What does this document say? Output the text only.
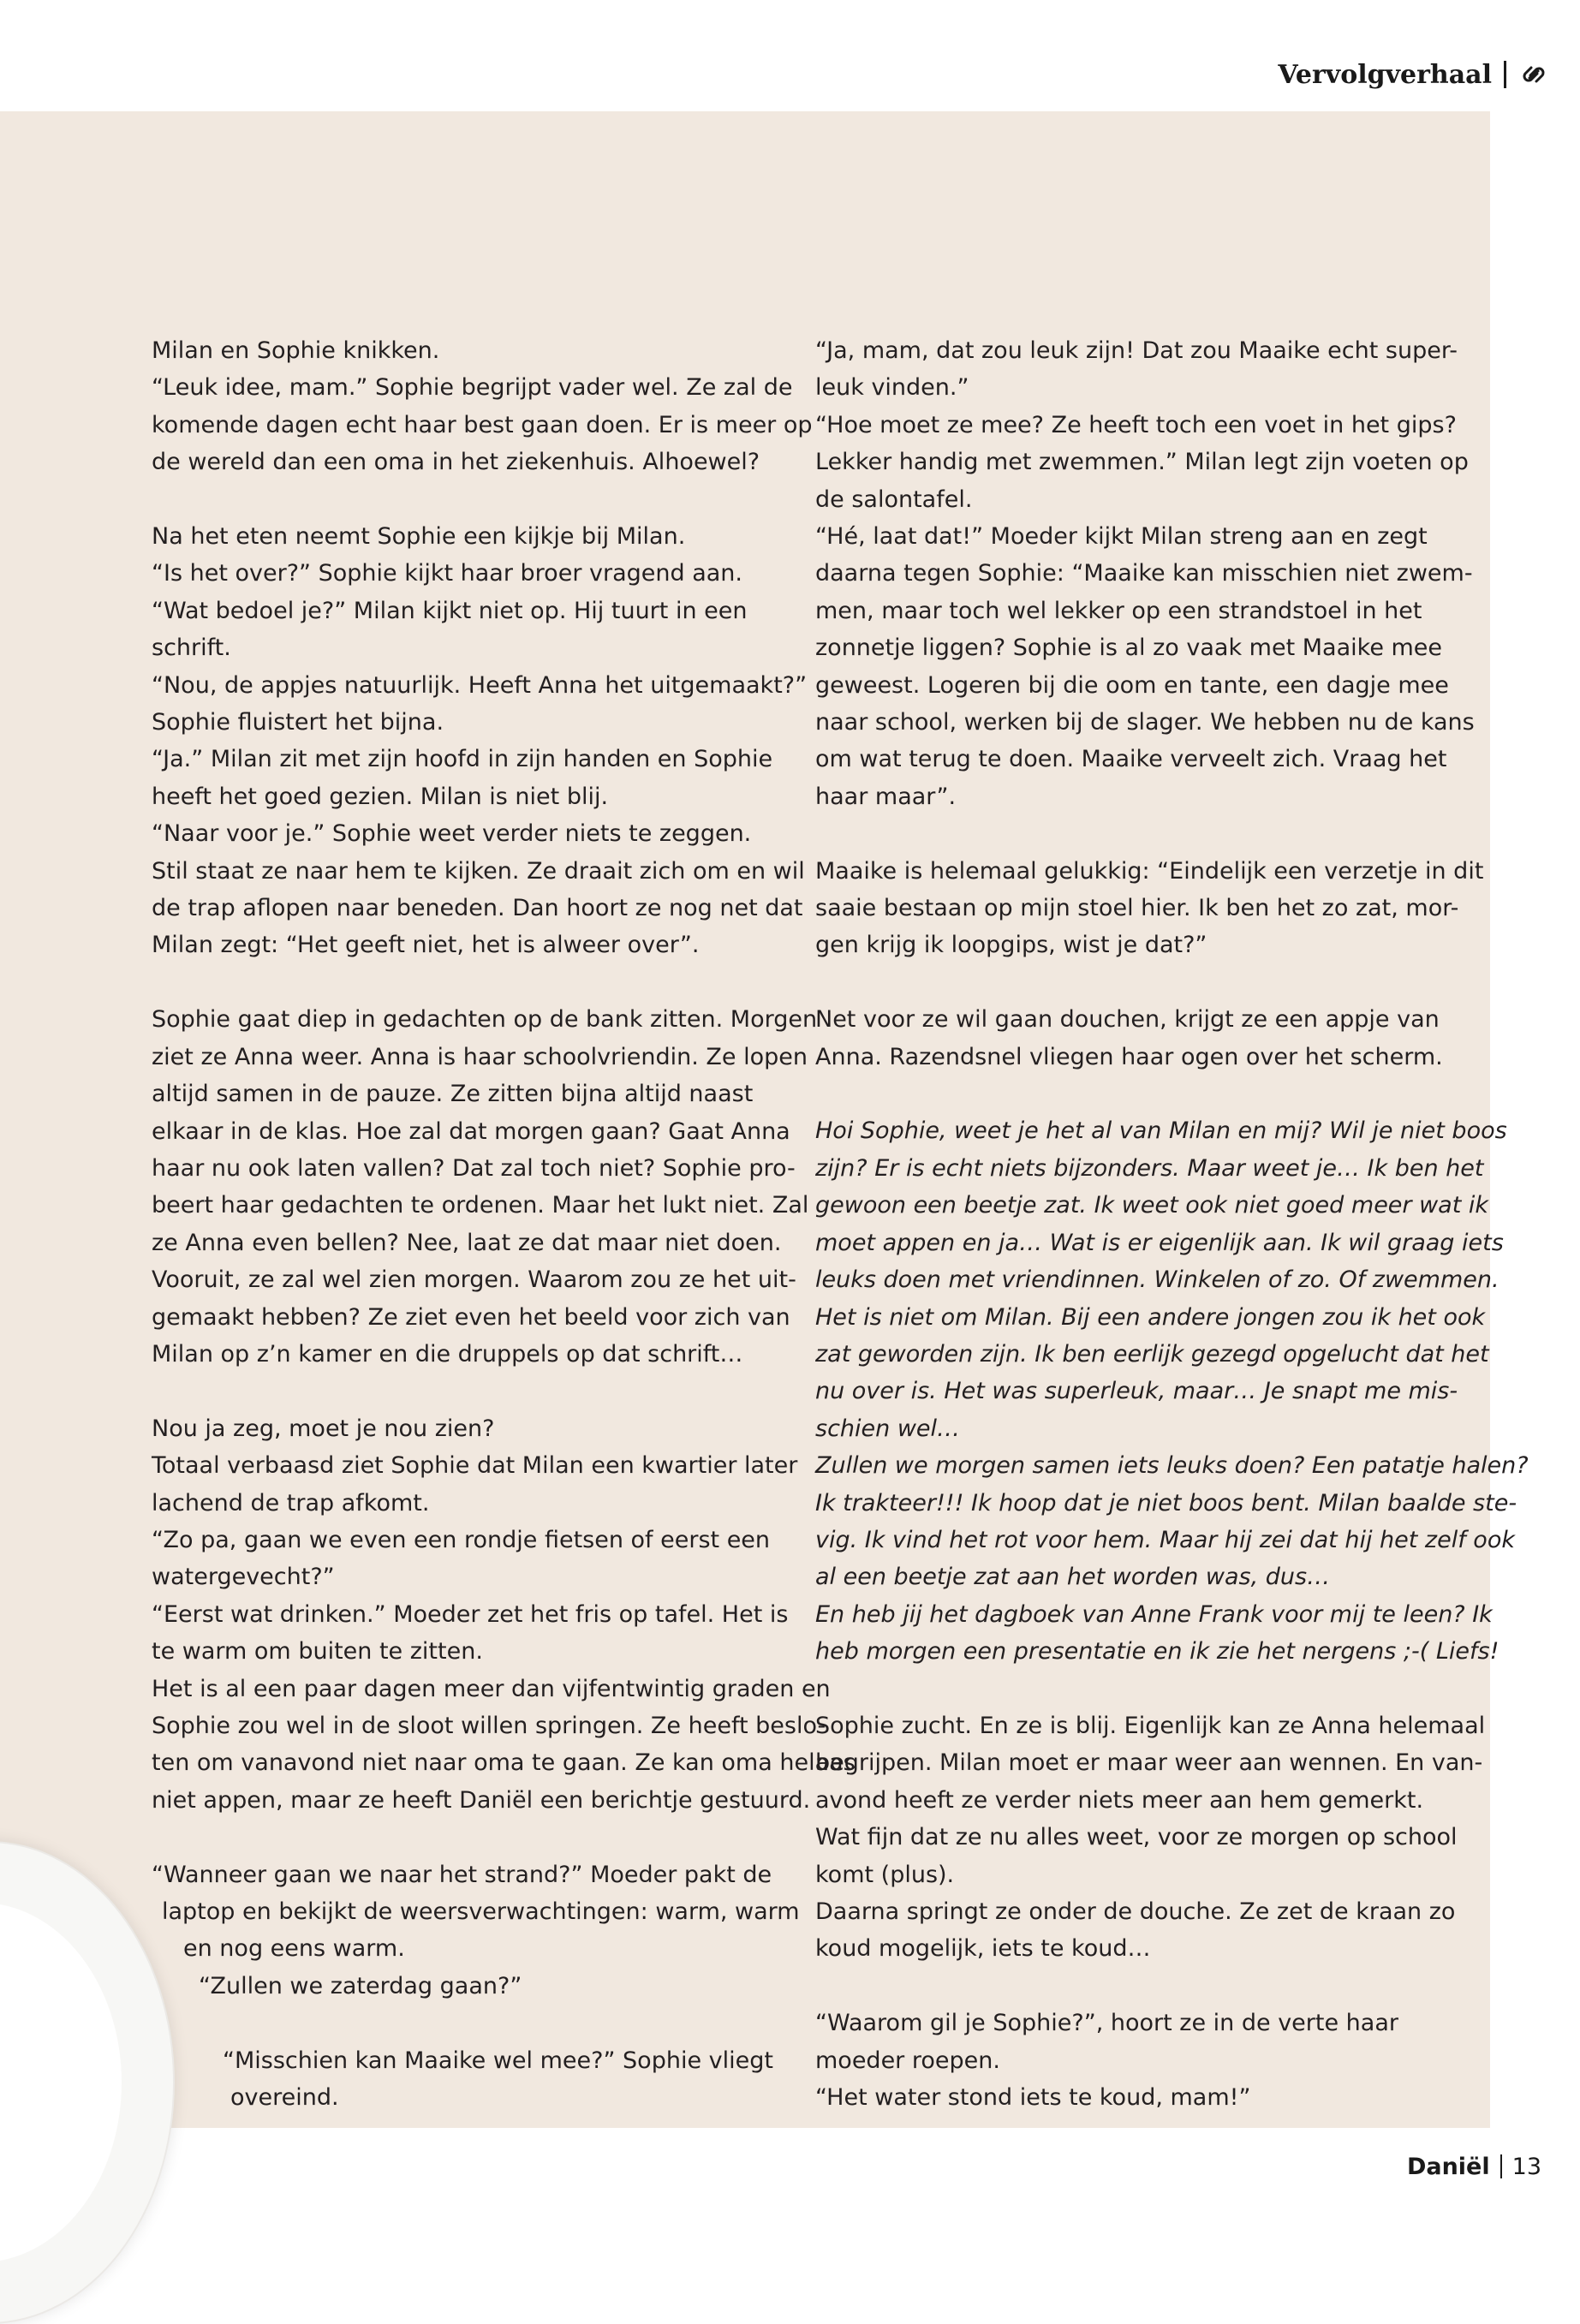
Vervolgverhaal
Milan en Sophie knikken.
“Leuk idee, mam.” Sophie begrijpt vader wel. Ze zal de
komende dagen echt haar best gaan doen. Er is meer op
de wereld dan een oma in het ziekenhuis. Alhoewel?
Na het eten neemt Sophie een kijkje bij Milan.
“Is het over?” Sophie kijkt haar broer vragend aan.
“Wat bedoel je?” Milan kijkt niet op. Hij tuurt in een
schrift.
“Nou, de appjes natuurlijk. Heeft Anna het uitgemaakt?”
Sophie fluistert het bijna.
“Ja.” Milan zit met zijn hoofd in zijn handen en Sophie
heeft het goed gezien. Milan is niet blij.
“Naar voor je.” Sophie weet verder niets te zeggen.
Stil staat ze naar hem te kijken. Ze draait zich om en wil
de trap aflopen naar beneden. Dan hoort ze nog net dat
Milan zegt: “Het geeft niet, het is alweer over”.
Sophie gaat diep in gedachten op de bank zitten. Morgen
ziet ze Anna weer. Anna is haar schoolvriendin. Ze lopen
altijd samen in de pauze. Ze zitten bijna altijd naast
elkaar in de klas. Hoe zal dat morgen gaan? Gaat Anna
haar nu ook laten vallen? Dat zal toch niet? Sophie pro-
beert haar gedachten te ordenen. Maar het lukt niet. Zal
ze Anna even bellen? Nee, laat ze dat maar niet doen.
Vooruit, ze zal wel zien morgen. Waarom zou ze het uit-
gemaakt hebben? Ze ziet even het beeld voor zich van
Milan op z’n kamer en die druppels op dat schrift…
Nou ja zeg, moet je nou zien?
Totaal verbaasd ziet Sophie dat Milan een kwartier later
lachend de trap afkomt.
“Zo pa, gaan we even een rondje fietsen of eerst een
watergevecht?”
“Eerst wat drinken.” Moeder zet het fris op tafel. Het is
te warm om buiten te zitten.
Het is al een paar dagen meer dan vijfentwintig graden en
Sophie zou wel in de sloot willen springen. Ze heeft beslo-
ten om vanavond niet naar oma te gaan. Ze kan oma helaas
niet appen, maar ze heeft Daniël een berichtje gestuurd.
“Wanneer gaan we naar het strand?” Moeder pakt de
laptop en bekijkt de weersverwachtingen: warm, warm
en nog eens warm.
“Zullen we zaterdag gaan?”
“Misschien kan Maaike wel mee?” Sophie vliegt
overeind.
“Ja, mam, dat zou leuk zijn! Dat zou Maaike echt super-
leuk vinden.”
“Hoe moet ze mee? Ze heeft toch een voet in het gips?
Lekker handig met zwemmen.” Milan legt zijn voeten op
de salontafel.
“Hé, laat dat!” Moeder kijkt Milan streng aan en zegt
daarna tegen Sophie: “Maaike kan misschien niet zwem-
men, maar toch wel lekker op een strandstoel in het
zonnetje liggen? Sophie is al zo vaak met Maaike mee
geweest. Logeren bij die oom en tante, een dagje mee
naar school, werken bij de slager. We hebben nu de kans
om wat terug te doen. Maaike verveelt zich. Vraag het
haar maar”.
Maaike is helemaal gelukkig: “Eindelijk een verzetje in dit
saaie bestaan op mijn stoel hier. Ik ben het zo zat, mor-
gen krijg ik loopgips, wist je dat?”
Net voor ze wil gaan douchen, krijgt ze een appje van
Anna. Razendsnel vliegen haar ogen over het scherm.
Hoi Sophie, weet je het al van Milan en mij? Wil je niet boos
zijn? Er is echt niets bijzonders. Maar weet je… Ik ben het
gewoon een beetje zat. Ik weet ook niet goed meer wat ik
moet appen en ja… Wat is er eigenlijk aan. Ik wil graag iets
leuks doen met vriendinnen. Winkelen of zo. Of zwemmen.
Het is niet om Milan. Bij een andere jongen zou ik het ook
zat geworden zijn. Ik ben eerlijk gezegd opgelucht dat het
nu over is. Het was superleuk, maar… Je snapt me mis-
schien wel…
Zullen we morgen samen iets leuks doen? Een patatje halen?
Ik trakteer!!! Ik hoop dat je niet boos bent. Milan baalde ste-
vig. Ik vind het rot voor hem. Maar hij zei dat hij het zelf ook
al een beetje zat aan het worden was, dus…
En heb jij het dagboek van Anne Frank voor mij te leen? Ik
heb morgen een presentatie en ik zie het nergens ;-( Liefs!
Sophie zucht. En ze is blij. Eigenlijk kan ze Anna helemaal
begrijpen. Milan moet er maar weer aan wennen. En van-
avond heeft ze verder niets meer aan hem gemerkt.
Wat fijn dat ze nu alles weet, voor ze morgen op school
komt (plus).
Daarna springt ze onder de douche. Ze zet de kraan zo
koud mogelijk, iets te koud…
“Waarom gil je Sophie?”, hoort ze in de verte haar
moeder roepen.
“Het water stond iets te koud, mam!”
Daniël 13
